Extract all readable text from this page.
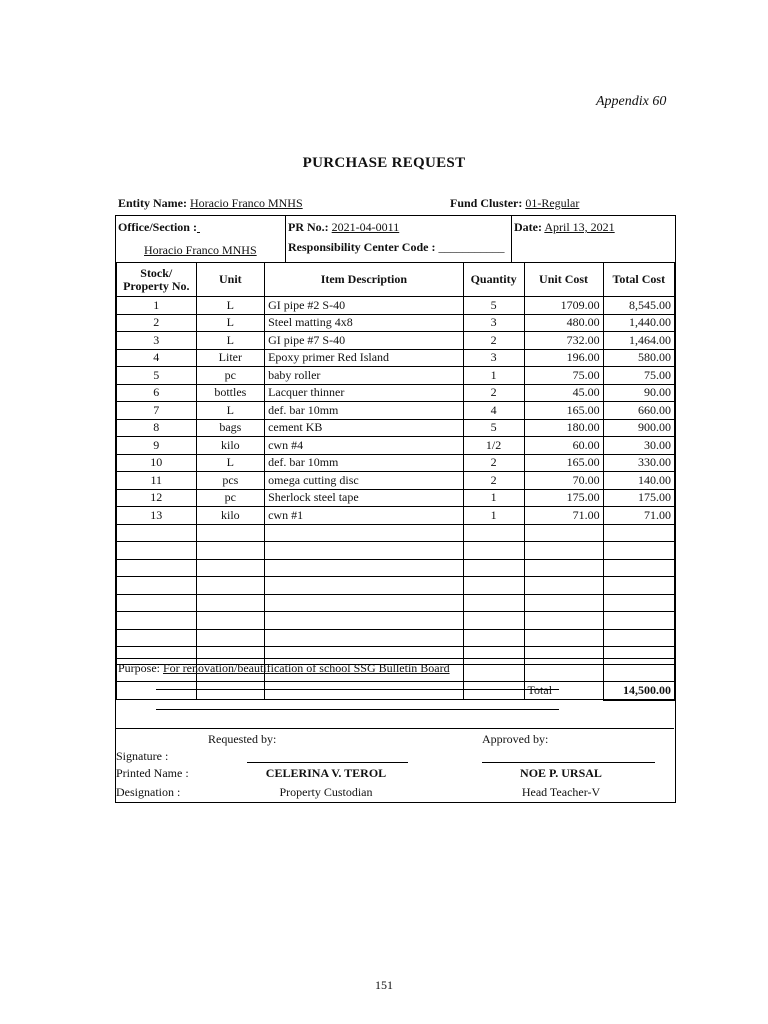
Appendix 60
PURCHASE REQUEST
Entity Name: Horacio Franco MNHS	Fund Cluster: 01-Regular
Office/Section :
Horacio Franco MNHS
PR No.: 2021-04-0011
Responsibility Center Code : ___________
Date: April 13, 2021
Stock/ Property No.	Unit	Item Description	Quantity	Unit Cost	Total Cost
1	L	GI pipe #2 S-40	5	1709.00	8,545.00
2	L	Steel matting 4x8	3	480.00	1,440.00
3	L	GI pipe #7 S-40	2	732.00	1,464.00
4	Liter	Epoxy primer Red Island	3	196.00	580.00
5	pc	baby roller	1	75.00	75.00
6	bottles	Lacquer thinner	2	45.00	90.00
7	L	def. bar 10mm	4	165.00	660.00
8	bags	cement KB	5	180.00	900.00
9	kilo	cwn #4	1/2	60.00	30.00
10	L	def. bar 10mm	2	165.00	330.00
11	pcs	omega cutting disc	2	70.00	140.00
12	pc	Sherlock steel tape	1	175.00	175.00
13	kilo	cwn #1	1	71.00	71.00

				Total	14,500.00
Purpose: For renovation/beautification of school SSG Bulletin Board
Requested by:	Approved by:
Signature :
Printed Name :	CELERINA V. TEROL	NOE P. URSAL
Designation :	Property Custodian	Head Teacher-V
151
